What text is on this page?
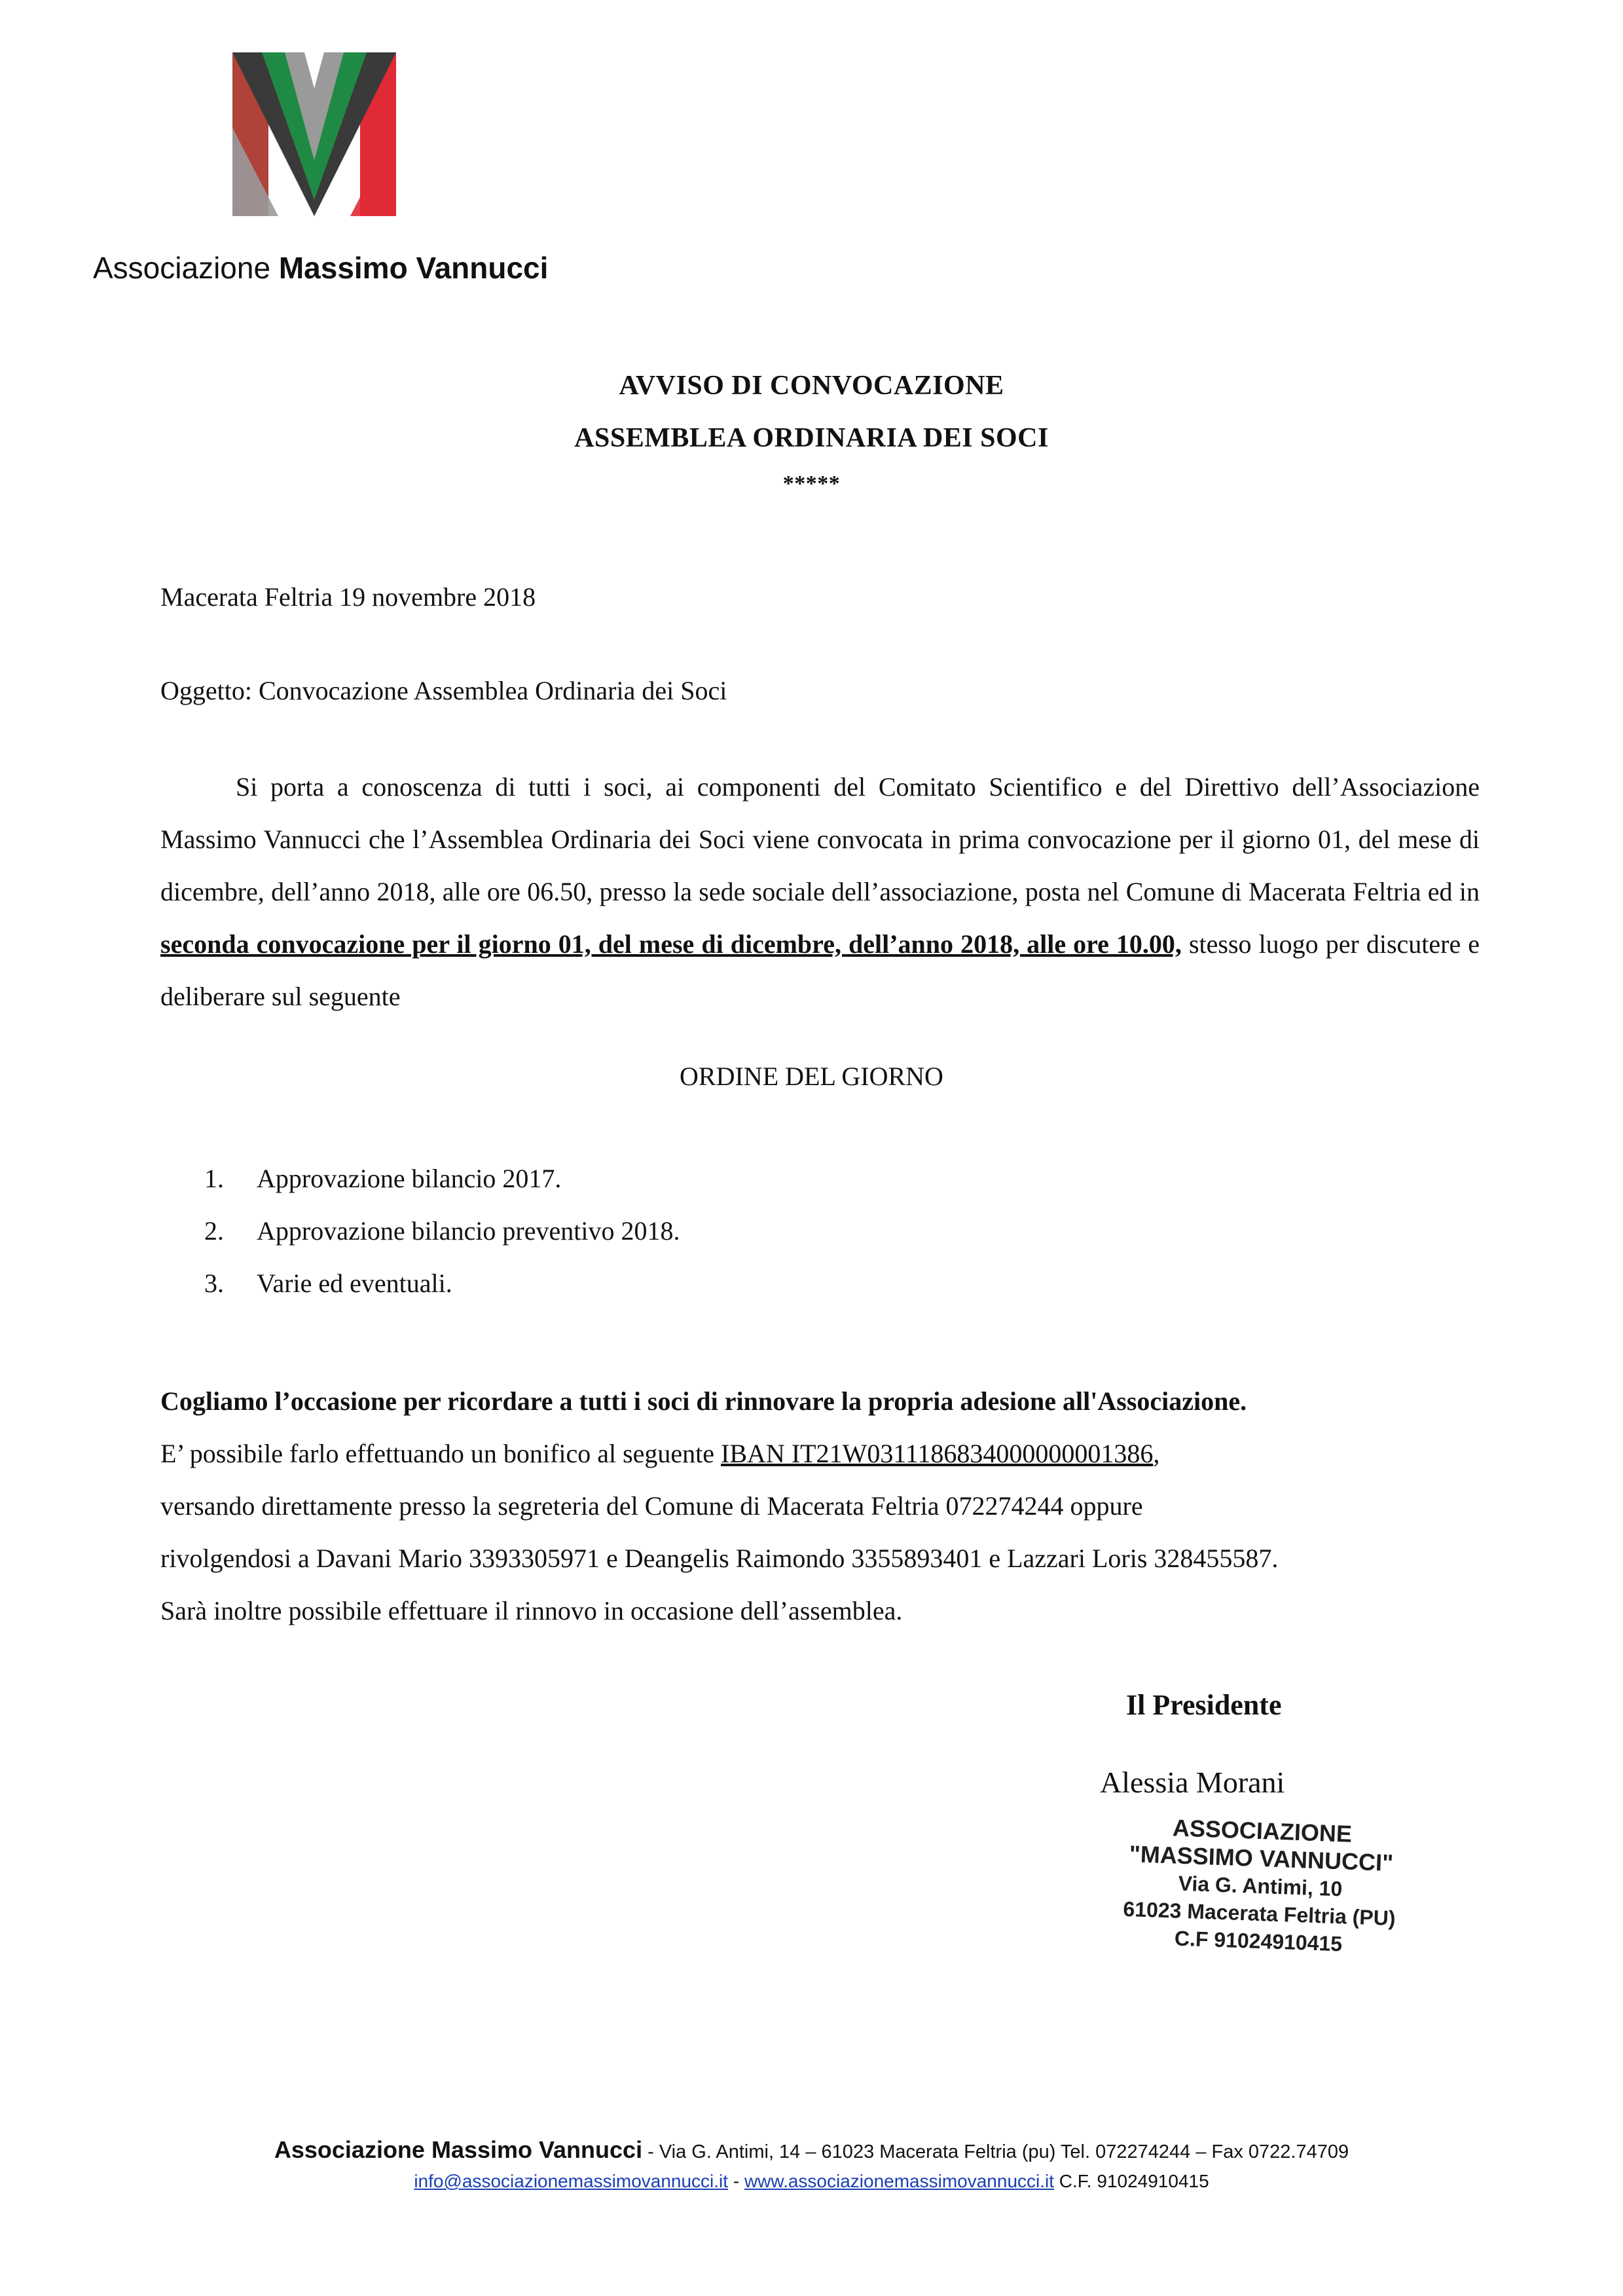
Associazione Massimo Vannucci
AVVISO DI CONVOCAZIONE
ASSEMBLEA ORDINARIA DEI SOCI
*****
Macerata Feltria 19 novembre 2018
Oggetto: Convocazione Assemblea Ordinaria dei Soci
Si porta a conoscenza di tutti i soci, ai componenti del Comitato Scientifico e del Direttivo dell’Associazione Massimo Vannucci che l’Assemblea Ordinaria dei Soci viene convocata in prima convocazione per il giorno 01, del mese di dicembre, dell’anno 2018, alle ore 06.50, presso la sede sociale dell’associazione, posta nel Comune di Macerata Feltria ed in seconda convocazione per il giorno 01, del mese di dicembre, dell’anno 2018, alle ore 10.00, stesso luogo per discutere e deliberare sul seguente
ORDINE DEL GIORNO
1. Approvazione bilancio 2017.
2. Approvazione bilancio preventivo 2018.
3. Varie ed eventuali.
Cogliamo l’occasione per ricordare a tutti i soci di rinnovare la propria adesione all'Associazione.
E’ possibile farlo effettuando un bonifico al seguente IBAN IT21W0311186834000000001386,
versando direttamente presso la segreteria del Comune di Macerata Feltria 072274244 oppure
rivolgendosi a Davani Mario 3393305971 e Deangelis Raimondo 3355893401 e Lazzari Loris 328455587.
Sarà inoltre possibile effettuare il rinnovo in occasione dell’assemblea.
Il Presidente
Alessia Morani
ASSOCIAZIONE
"MASSIMO VANNUCCI"
Via G. Antimi, 10
61023 Macerata Feltria (PU)
C.F 91024910415
Associazione Massimo Vannucci - Via G. Antimi, 14 – 61023 Macerata Feltria (pu) Tel. 072274244 – Fax 0722.74709
info@associazionemassimovannucci.it - www.associazionemassimovannucci.it C.F. 91024910415
